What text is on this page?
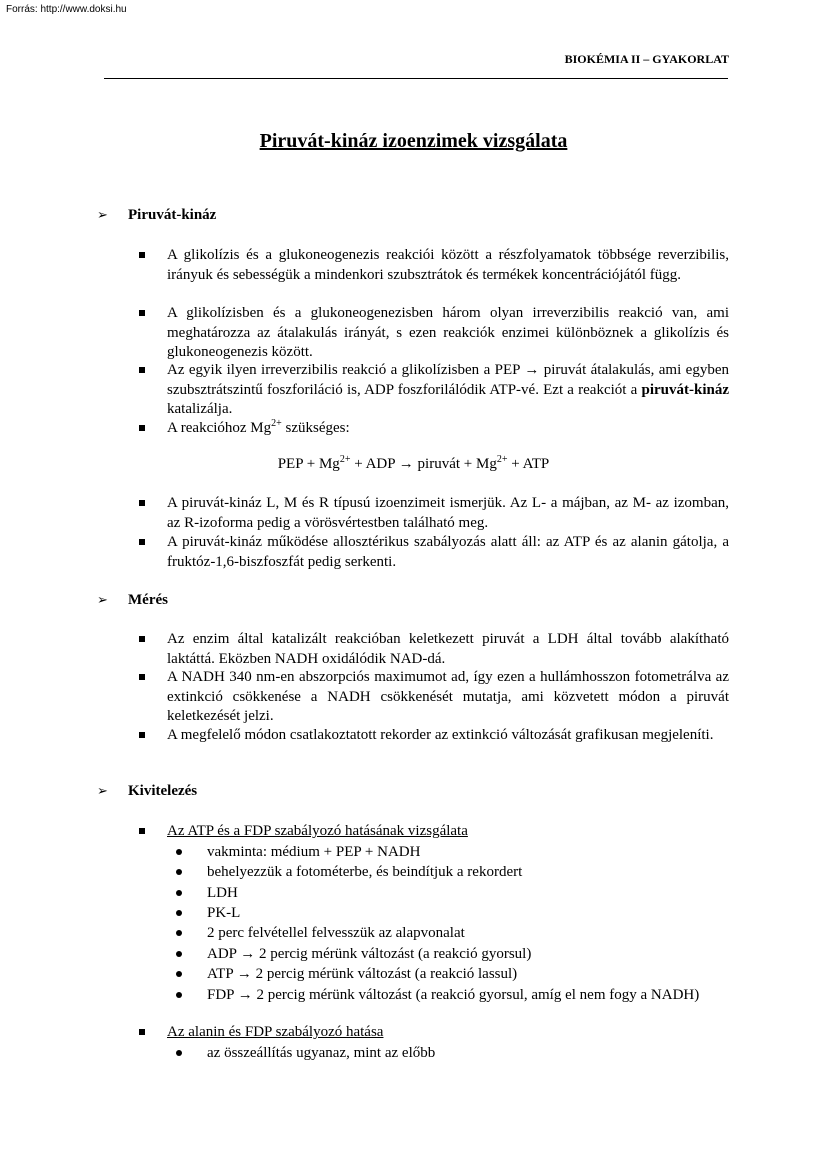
Forrás: http://www.doksi.hu
BIOKÉMIA II – GYAKORLAT
Piruvát-kináz izoenzimek vizsgálata
➢ Piruvát-kináz
A glikolízis és a glukoneogenezis reakciói között a részfolyamatok többsége reverzibilis, irányuk és sebességük a mindenkori szubsztrátok és termékek koncentrációjától függ.
A glikolízisben és a glukoneogenezisben három olyan irreverzibilis reakció van, ami meghatározza az átalakulás irányát, s ezen reakciók enzimei különböznek a glikolízis és glukoneogenezis között.
Az egyik ilyen irreverzibilis reakció a glikolízisben a PEP → piruvát átalakulás, ami egyben szubsztrátszintű foszforiláció is, ADP foszforilálódik ATP-vé. Ezt a reakciót a piruvát-kináz katalizálja.
A reakcióhoz $Mg^{2+}$ szükséges:
PEP + $Mg^{2+}$ + ADP → piruvát + $Mg^{2+}$ + ATP
A piruvát-kináz L, M és R típusú izoenzimeit ismerjük. Az L- a májban, az M- az izomban, az R-izoforma pedig a vörösvértestben található meg.
A piruvát-kináz működése allosztérikus szabályozás alatt áll: az ATP és az alanin gátolja, a fruktóz-1,6-biszfoszfát pedig serkenti.
➢ Mérés
Az enzim által katalizált reakcióban keletkezett piruvát a LDH által tovább alakítható laktáttá. Eközben NADH oxidálódik NAD-dá.
A NADH 340 nm-en abszorpciós maximumot ad, így ezen a hullámhosszon fotometrálva az extinkció csökkenése a NADH csökkenését mutatja, ami közvetett módon a piruvát keletkezését jelzi.
A megfelelő módon csatlakoztatott rekorder az extinkció változását grafikusan megjeleníti.
➢ Kivitelezés
Az ATP és a FDP szabályozó hatásának vizsgálata
vakminta: médium + PEP + NADH
behelyezzük a fotométerbe, és beindítjuk a rekordert
LDH
PK-L
2 perc felvétellel felvesszük az alapvonalat
ADP → 2 percig mérünk változást (a reakció gyorsul)
ATP → 2 percig mérünk változást (a reakció lassul)
FDP → 2 percig mérünk változást (a reakció gyorsul, amíg el nem fogy a NADH)
Az alanin és FDP szabályozó hatása
az összeállítás ugyanaz, mint az előbb
